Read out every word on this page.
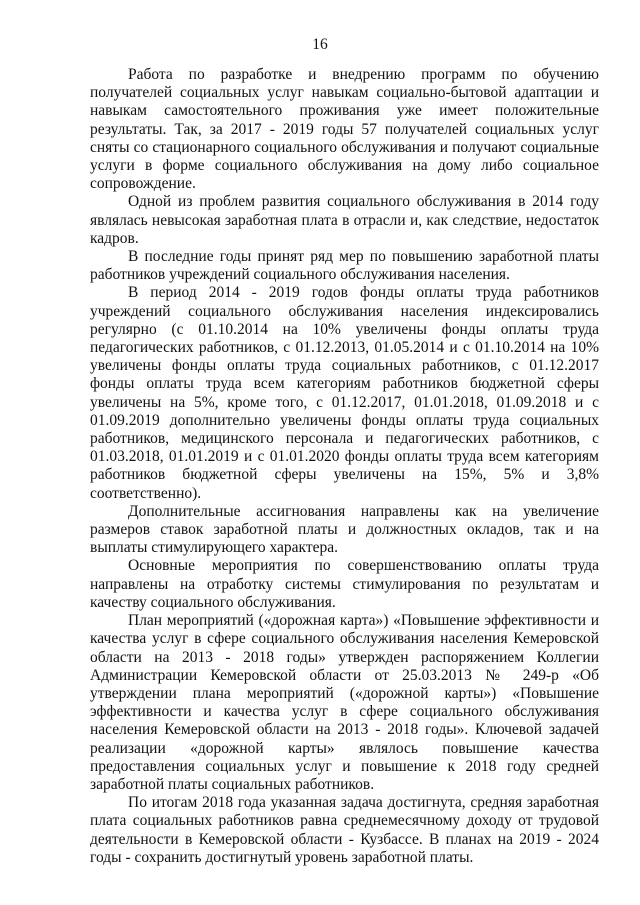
16

Работа по разработке и внедрению программ по обучению получателей социальных услуг навыкам социально-бытовой адаптации и навыкам самостоятельного проживания уже имеет положительные результаты. Так, за 2017 - 2019 годы 57 получателей социальных услуг сняты со стационарного социального обслуживания и получают социальные услуги в форме социального обслуживания на дому либо социальное сопровождение.

Одной из проблем развития социального обслуживания в 2014 году являлась невысокая заработная плата в отрасли и, как следствие, недостаток кадров.

В последние годы принят ряд мер по повышению заработной платы работников учреждений социального обслуживания населения.

В период 2014 - 2019 годов фонды оплаты труда работников учреждений социального обслуживания населения индексировались регулярно (с 01.10.2014 на 10% увеличены фонды оплаты труда педагогических работников, с 01.12.2013, 01.05.2014 и с 01.10.2014 на 10% увеличены фонды оплаты труда социальных работников, с 01.12.2017 фонды оплаты труда всем категориям работников бюджетной сферы увеличены на 5%, кроме того, с 01.12.2017, 01.01.2018, 01.09.2018 и с 01.09.2019 дополнительно увеличены фонды оплаты труда социальных работников, медицинского персонала и педагогических работников, с 01.03.2018, 01.01.2019 и с 01.01.2020 фонды оплаты труда всем категориям работников бюджетной сферы увеличены на 15%, 5% и 3,8% соответственно).

Дополнительные ассигнования направлены как на увеличение размеров ставок заработной платы и должностных окладов, так и на выплаты стимулирующего характера.

Основные мероприятия по совершенствованию оплаты труда направлены на отработку системы стимулирования по результатам и качеству социального обслуживания.

План мероприятий («дорожная карта») «Повышение эффективности и качества услуг в сфере социального обслуживания населения Кемеровской области на 2013 - 2018 годы» утвержден распоряжением Коллегии Администрации Кемеровской области от 25.03.2013 № 249-р «Об утверждении плана мероприятий («дорожной карты») «Повышение эффективности и качества услуг в сфере социального обслуживания населения Кемеровской области на 2013 - 2018 годы». Ключевой задачей реализации «дорожной карты» являлось повышение качества предоставления социальных услуг и повышение к 2018 году средней заработной платы социальных работников.

По итогам 2018 года указанная задача достигнута, средняя заработная плата социальных работников равна среднемесячному доходу от трудовой деятельности в Кемеровской области - Кузбассе. В планах на 2019 - 2024 годы - сохранить достигнутый уровень заработной платы.
